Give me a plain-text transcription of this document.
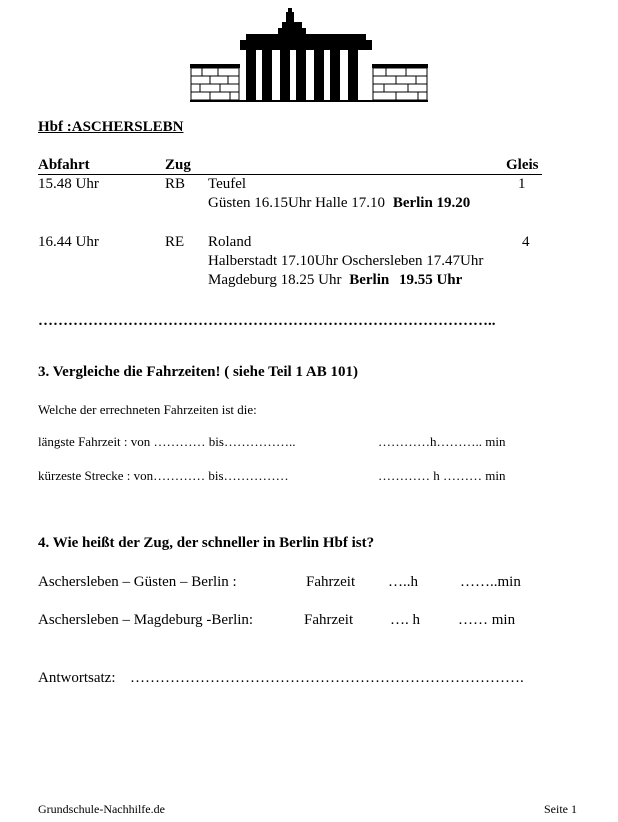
Hbf :ASCHERSLEBN
Abfahrt	Zug	Gleis
15.48 Uhr	RB Teufel	1
Güsten 16.15Uhr Halle 17.10 Berlin 19.20
16.44 Uhr	RE Roland	4
Halberstadt 17.10Uhr Oschersleben 17.47Uhr
Magdeburg 18.25 Uhr Berlin 19.55 Uhr
………………………………………………………………………………..
3. Vergleiche die Fahrzeiten! ( siehe Teil 1 AB 101)
Welche der errechneten Fahrzeiten ist die:
längste Fahrzeit : von ………… bis……………..	…………h……….. min
kürzeste Strecke : von………… bis……………	………… h ……… min
4. Wie heißt der Zug, der schneller in Berlin Hbf ist?
Aschersleben – Güsten – Berlin :	Fahrzeit …..h	……..min
Aschersleben – Magdeburg -Berlin:	Fahrzeit …. h	…… min
Antwortsatz: …………………………………………………………………….
Grundschule-Nachhilfe.de	Seite 1
